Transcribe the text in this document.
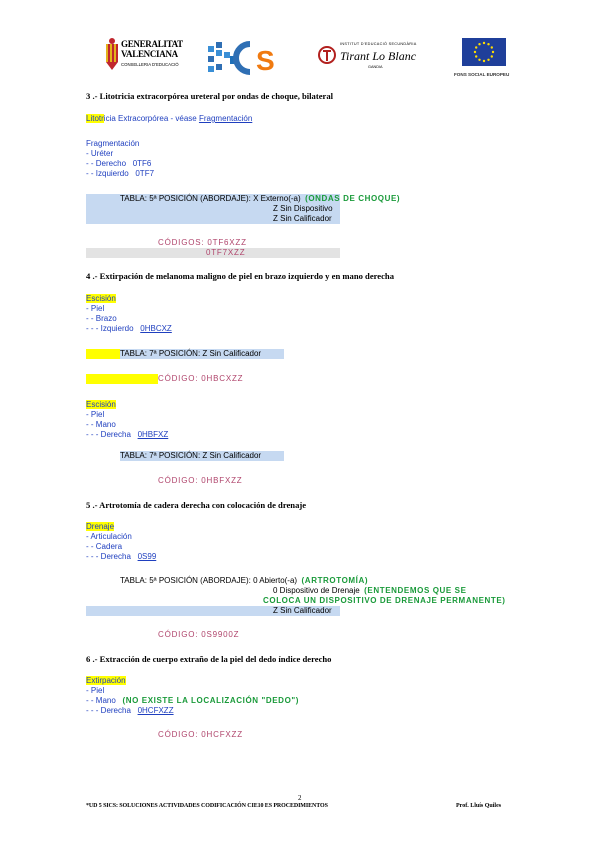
GENERALITAT
VALENCIANA
CONSELLERIA D'EDUCACIÓ	S
INSTITUT D'EDUCACIÓ SECUNDÀRIA
Tirant Lo Blanc
GANDIA
FONS SOCIAL EUROPEU
3 .- Litotricia extracorpórea ureteral por ondas de choque, bilateral
Litotricia Extracorpórea - véase Fragmentación
Fragmentación
- Uréter
- - Derecho 0TF6
- - Izquierdo 0TF7
TABLA: 5ª POSICIÓN (ABORDAJE): X Externo(-a) (ONDAS DE CHOQUE)
Z Sin Dispositivo
Z Sin Calificador
CÓDIGOS: 0TF6XZZ
0TF7XZZ
4 .- Extirpación de melanoma maligno de piel en brazo izquierdo y en mano derecha
Escisión
- Piel
- - Brazo
- - - Izquierdo 0HBCXZ
TABLA: 7ª POSICIÓN: Z Sin Calificador
CÓDIGO: 0HBCXZZ
Escisión
- Piel
- - Mano
- - - Derecha 0HBFXZ
TABLA: 7ª POSICIÓN: Z Sin Calificador
CÓDIGO: 0HBFXZZ
5 .- Artrotomía de cadera derecha con colocación de drenaje
Drenaje
- Articulación
- - Cadera
- - - Derecha 0S99
TABLA: 5ª POSICIÓN (ABORDAJE): 0 Abierto(-a) (ARTROTOMÍA)
0 Dispositivo de Drenaje (ENTENDEMOS QUE SE
COLOCA UN DISPOSITIVO DE DRENAJE PERMANENTE)
Z Sin Calificador
CÓDIGO: 0S9900Z
6 .- Extracción de cuerpo extraño de la piel del dedo índice derecho
Extirpación
- Piel
- - Mano (NO EXISTE LA LOCALIZACIÓN "DEDO")
- - - Derecha 0HCFXZZ
CÓDIGO: 0HCFXZZ
2
*UD 5 SICS: SOLUCIONES ACTIVIDADES CODIFICACIÓN CIE10 ES PROCEDIMIENTOS	Prof. Lluís Quiles
